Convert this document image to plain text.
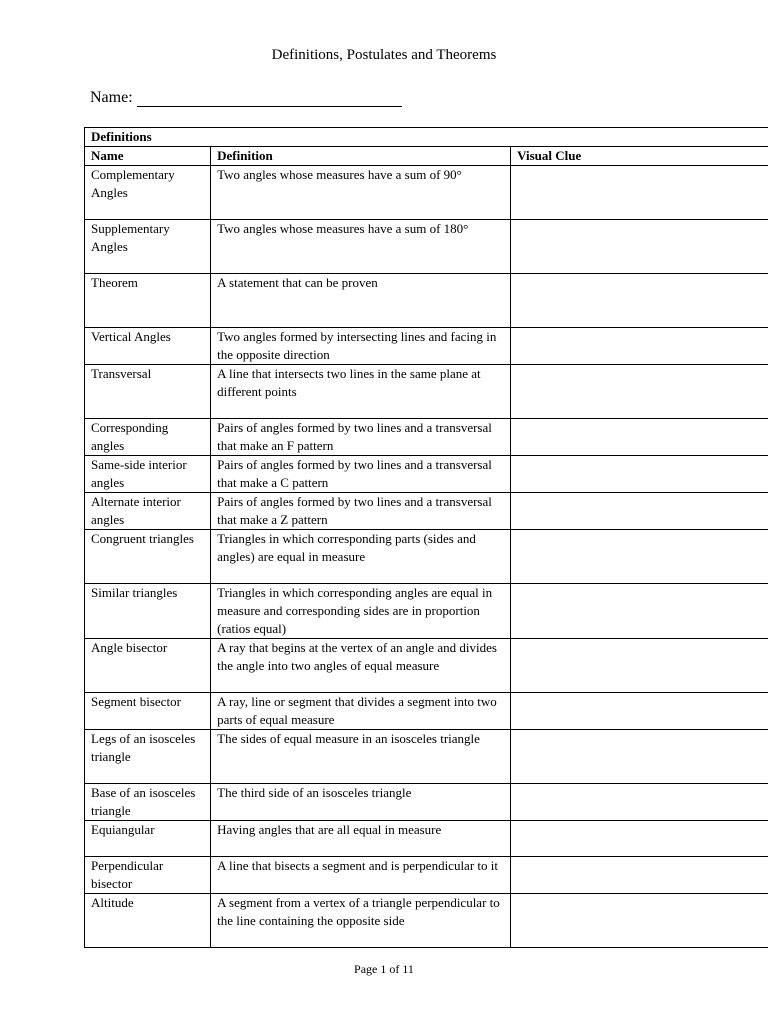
Definitions, Postulates and Theorems
Name:
Definitions		
Name	Definition	Visual Clue
Complementary Angles	Two angles whose measures have a sum of 90°	
Supplementary Angles	Two angles whose measures have a sum of 180°	
Theorem	A statement that can be proven	
Vertical Angles	Two angles formed by intersecting lines and facing in the opposite direction	
Transversal	A line that intersects two lines in the same plane at different points	
Corresponding angles	Pairs of angles formed by two lines and a transversal that make an F pattern	
Same-side interior angles	Pairs of angles formed by two lines and a transversal that make a C pattern	
Alternate interior angles	Pairs of angles formed by two lines and a transversal that make a Z pattern	
Congruent triangles	Triangles in which corresponding parts (sides and angles) are equal in measure	
Similar triangles	Triangles in which corresponding angles are equal in measure and corresponding sides are in proportion (ratios equal)	
Angle bisector	A ray that begins at the vertex of an angle and divides the angle into two angles of equal measure	
Segment bisector	A ray, line or segment that divides a segment into two parts of equal measure	
Legs of an isosceles triangle	The sides of equal measure in an isosceles triangle	
Base of an isosceles triangle	The third side of an isosceles triangle	
Equiangular	Having angles that are all equal in measure	
Perpendicular bisector	A line that bisects a segment and is perpendicular to it	
Altitude	A segment from a vertex of a triangle perpendicular to the line containing the opposite side	
Page 1 of 11
